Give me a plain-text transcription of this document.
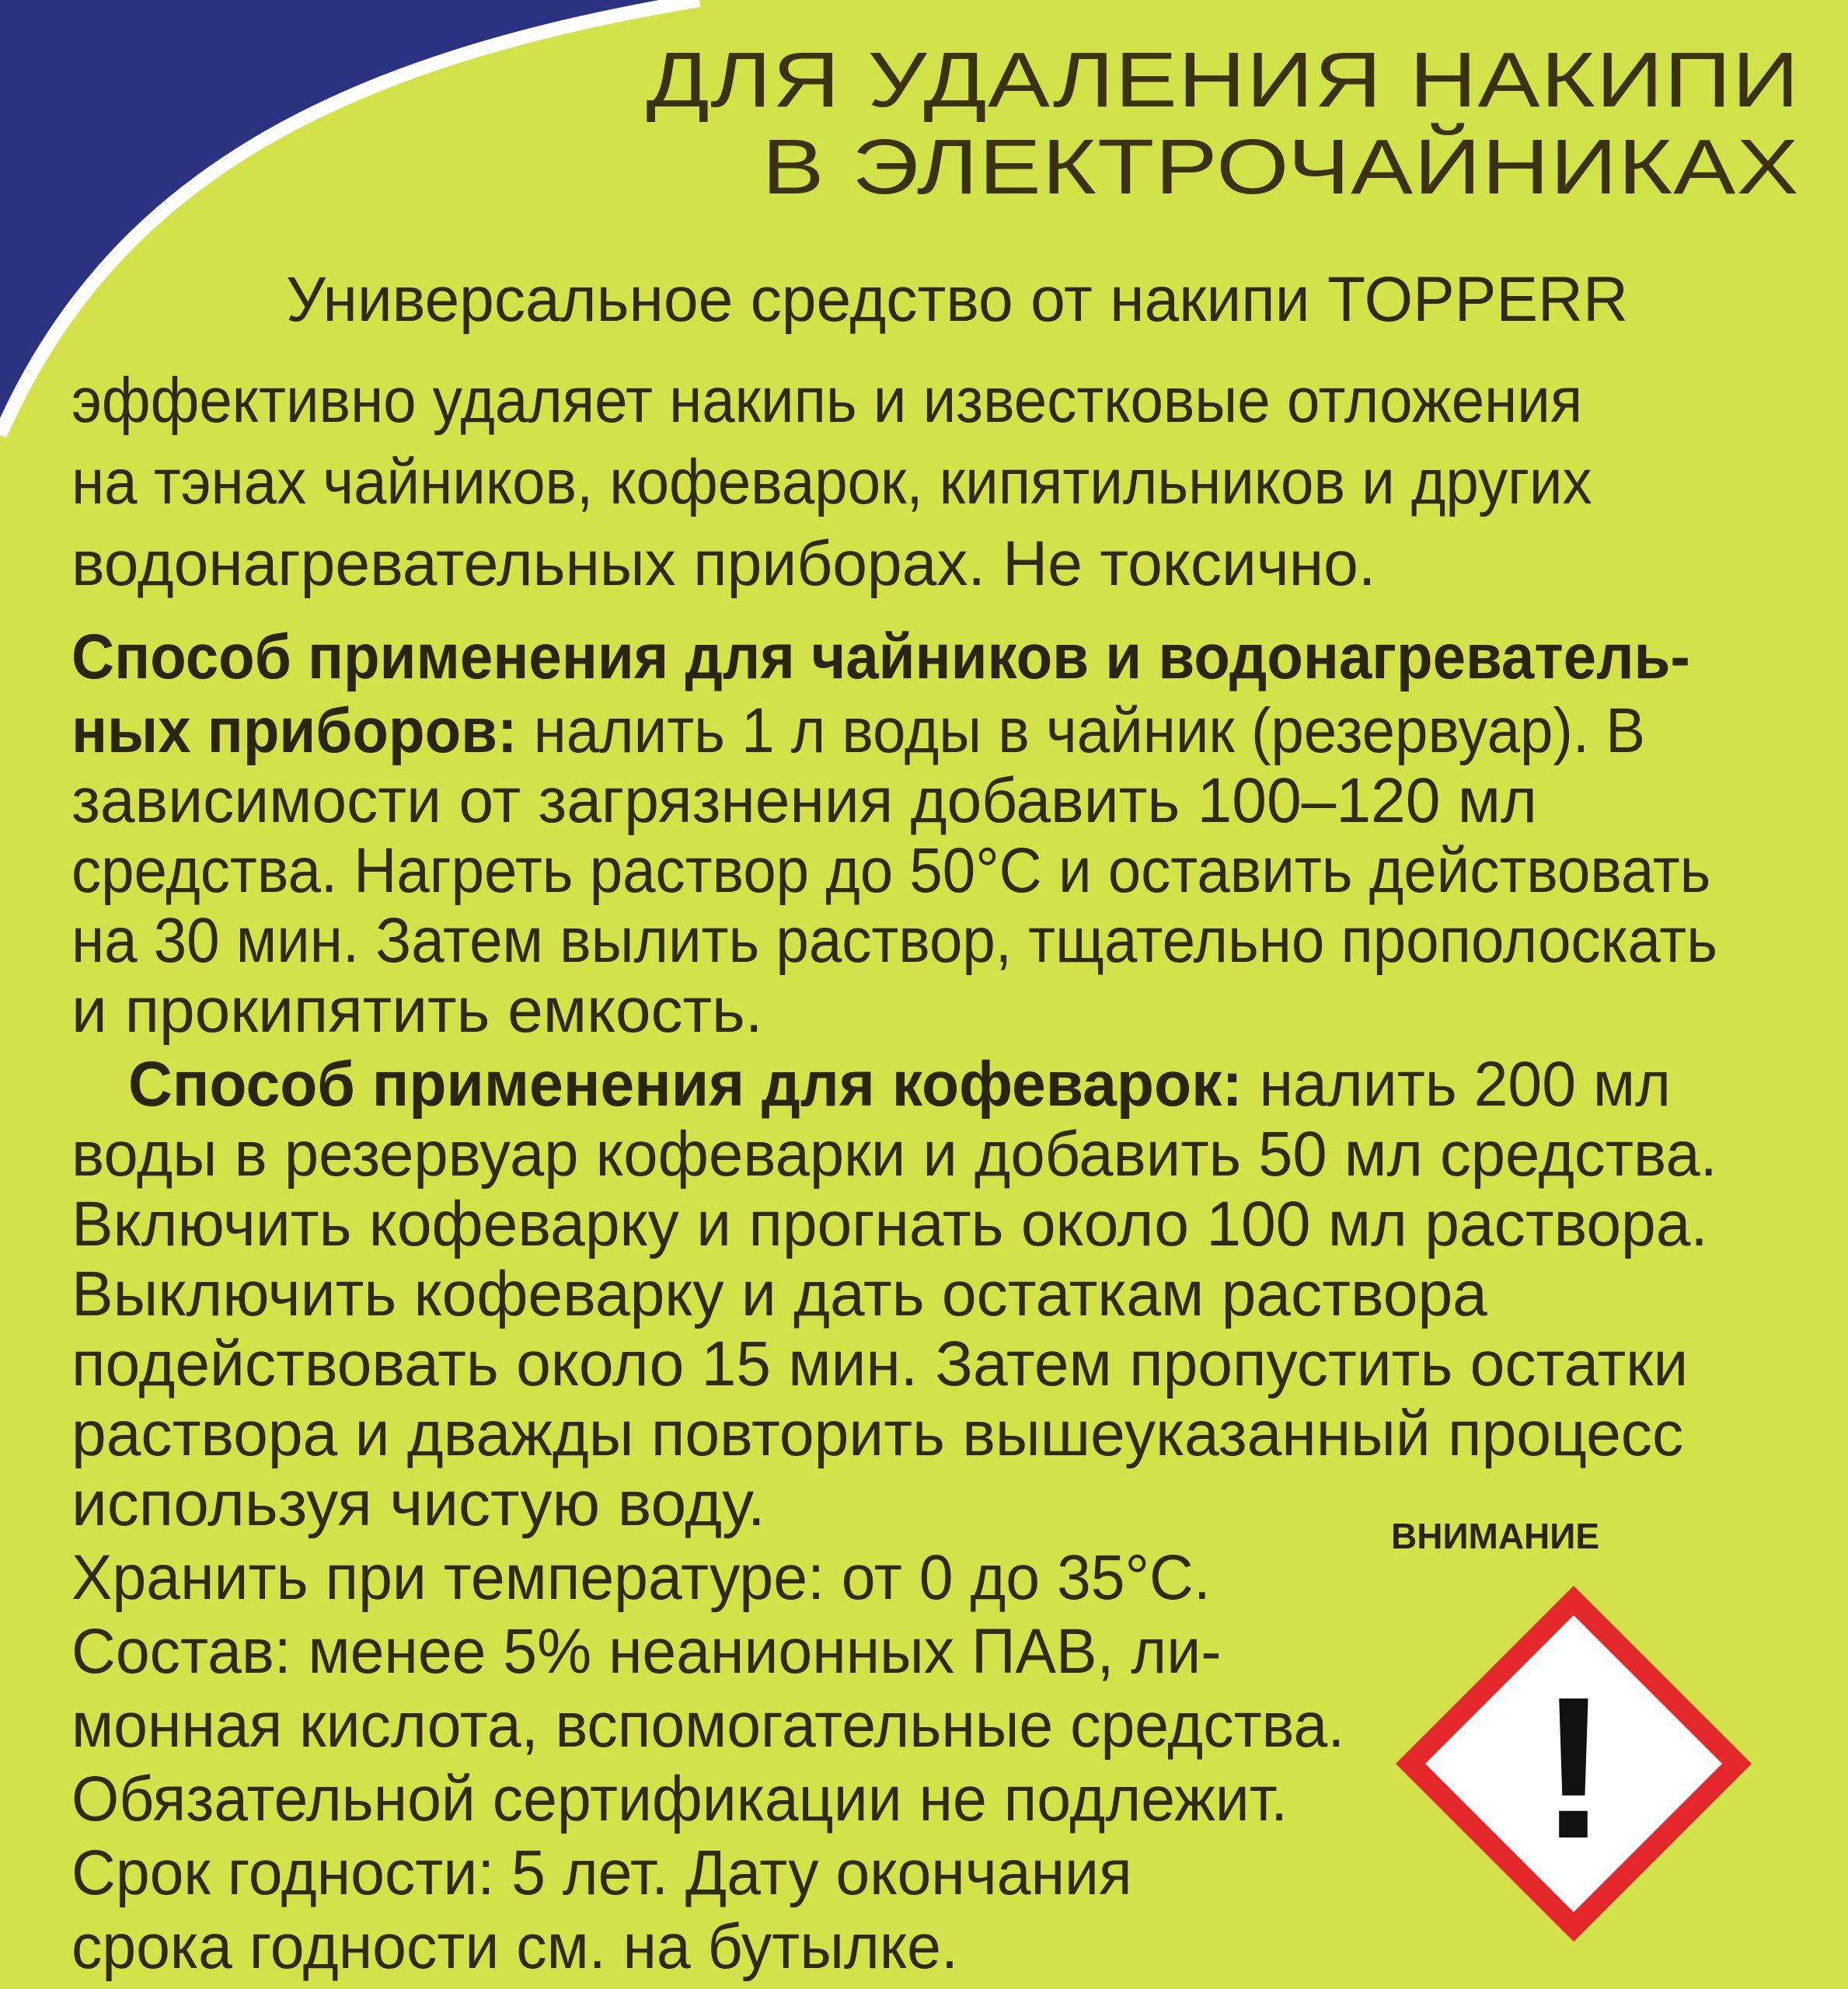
ДЛЯ УДАЛЕНИЯ НАКИПИ
В ЭЛЕКТРОЧАЙНИКАХ
Универсальное средство от накипи TOPPERR
эффективно удаляет накипь и известковые отложения
на тэнах чайников, кофеварок, кипятильников и других
водонагревательных приборах. Не токсично.
Способ применения для чайников и водонагреватель-
ных приборов: налить 1 л воды в чайник (резервуар). В
зависимости от загрязнения добавить 100–120 мл
средства. Нагреть раствор до 50°С и оставить действовать
на 30 мин. Затем вылить раствор, тщательно прополоскать
и прокипятить емкость.
Способ применения для кофеварок: налить 200 мл
воды в резервуар кофеварки и добавить 50 мл средства.
Включить кофеварку и прогнать около 100 мл раствора.
Выключить кофеварку и дать остаткам раствора
подействовать около 15 мин. Затем пропустить остатки
раствора и дважды повторить вышеуказанный процесс
используя чистую воду.
Хранить при температуре: от 0 до 35°С.
Состав: менее 5% неанионных ПАВ, ли-
монная кислота, вспомогательные средства.
Обязательной сертификации не подлежит.
Срок годности: 5 лет. Дату окончания
срока годности см. на бутылке.
ВНИМАНИЕ
!
